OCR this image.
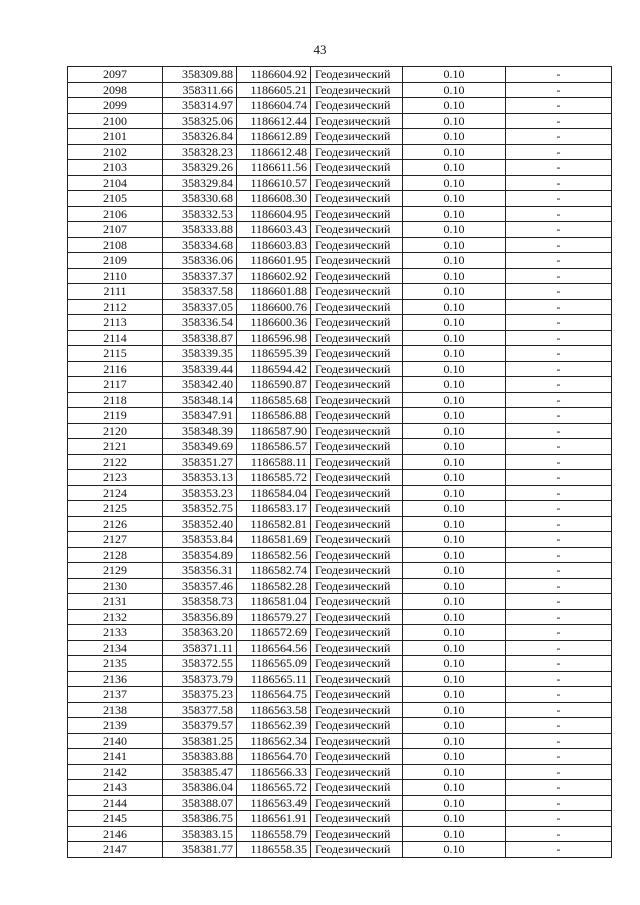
43
2097	358309.88	1186604.92	Геодезический	0.10	-
2098	358311.66	1186605.21	Геодезический	0.10	-
2099	358314.97	1186604.74	Геодезический	0.10	-
2100	358325.06	1186612.44	Геодезический	0.10	-
2101	358326.84	1186612.89	Геодезический	0.10	-
2102	358328.23	1186612.48	Геодезический	0.10	-
2103	358329.26	1186611.56	Геодезический	0.10	-
2104	358329.84	1186610.57	Геодезический	0.10	-
2105	358330.68	1186608.30	Геодезический	0.10	-
2106	358332.53	1186604.95	Геодезический	0.10	-
2107	358333.88	1186603.43	Геодезический	0.10	-
2108	358334.68	1186603.83	Геодезический	0.10	-
2109	358336.06	1186601.95	Геодезический	0.10	-
2110	358337.37	1186602.92	Геодезический	0.10	-
2111	358337.58	1186601.88	Геодезический	0.10	-
2112	358337.05	1186600.76	Геодезический	0.10	-
2113	358336.54	1186600.36	Геодезический	0.10	-
2114	358338.87	1186596.98	Геодезический	0.10	-
2115	358339.35	1186595.39	Геодезический	0.10	-
2116	358339.44	1186594.42	Геодезический	0.10	-
2117	358342.40	1186590.87	Геодезический	0.10	-
2118	358348.14	1186585.68	Геодезический	0.10	-
2119	358347.91	1186586.88	Геодезический	0.10	-
2120	358348.39	1186587.90	Геодезический	0.10	-
2121	358349.69	1186586.57	Геодезический	0.10	-
2122	358351.27	1186588.11	Геодезический	0.10	-
2123	358353.13	1186585.72	Геодезический	0.10	-
2124	358353.23	1186584.04	Геодезический	0.10	-
2125	358352.75	1186583.17	Геодезический	0.10	-
2126	358352.40	1186582.81	Геодезический	0.10	-
2127	358353.84	1186581.69	Геодезический	0.10	-
2128	358354.89	1186582.56	Геодезический	0.10	-
2129	358356.31	1186582.74	Геодезический	0.10	-
2130	358357.46	1186582.28	Геодезический	0.10	-
2131	358358.73	1186581.04	Геодезический	0.10	-
2132	358356.89	1186579.27	Геодезический	0.10	-
2133	358363.20	1186572.69	Геодезический	0.10	-
2134	358371.11	1186564.56	Геодезический	0.10	-
2135	358372.55	1186565.09	Геодезический	0.10	-
2136	358373.79	1186565.11	Геодезический	0.10	-
2137	358375.23	1186564.75	Геодезический	0.10	-
2138	358377.58	1186563.58	Геодезический	0.10	-
2139	358379.57	1186562.39	Геодезический	0.10	-
2140	358381.25	1186562.34	Геодезический	0.10	-
2141	358383.88	1186564.70	Геодезический	0.10	-
2142	358385.47	1186566.33	Геодезический	0.10	-
2143	358386.04	1186565.72	Геодезический	0.10	-
2144	358388.07	1186563.49	Геодезический	0.10	-
2145	358386.75	1186561.91	Геодезический	0.10	-
2146	358383.15	1186558.79	Геодезический	0.10	-
2147	358381.77	1186558.35	Геодезический	0.10	-
